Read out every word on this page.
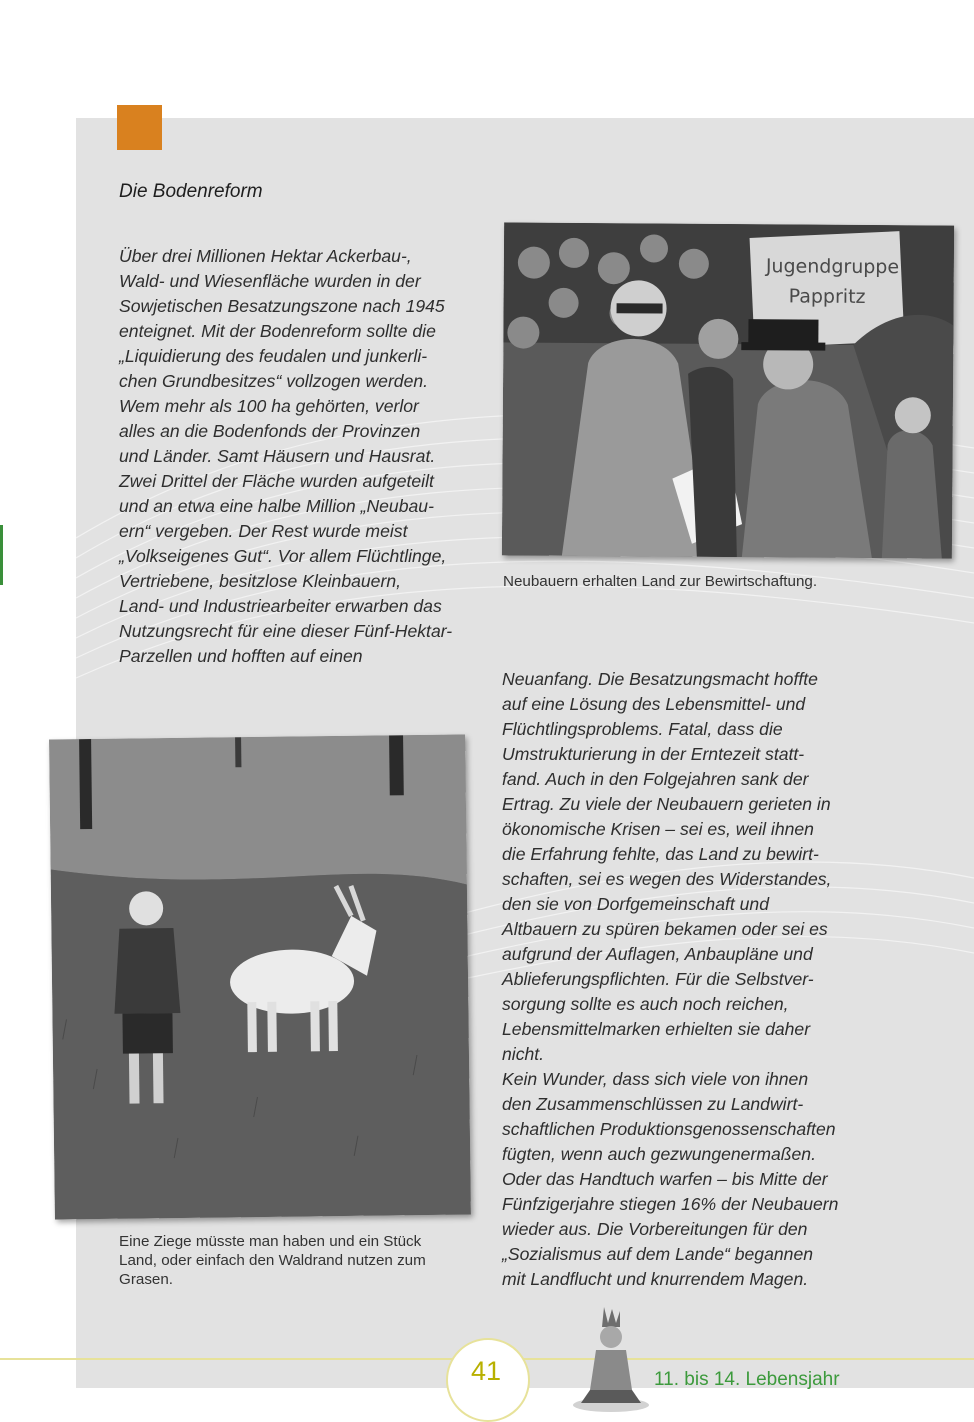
Die Bodenreform
Über drei Millionen Hektar Ackerbau-,
Wald- und Wiesenfläche wurden in der
Sowjetischen Besatzungszone nach 1945
enteignet. Mit der Bodenreform sollte die
„Liquidierung des feudalen und junkerli-
chen Grundbesitzes“ vollzogen werden.
Wem mehr als 100 ha gehörten, verlor
alles an die Bodenfonds der Provinzen
und Länder. Samt Häusern und Hausrat.
Zwei Drittel der Fläche wurden aufgeteilt
und an etwa eine halbe Million „Neubau-
ern“ vergeben. Der Rest wurde meist
„Volkseigenes Gut“. Vor allem Flüchtlinge,
Vertriebene, besitzlose Kleinbauern,
Land- und Industriearbeiter erwarben das
Nutzungsrecht für eine dieser Fünf-Hektar-
Parzellen und hofften auf einen
Jugendgruppe
Pappritz
Neubauern erhalten Land zur Bewirtschaftung.
Eine Ziege müsste man haben und ein Stück
Land, oder einfach den Waldrand nutzen zum
Grasen.
Neuanfang. Die Besatzungsmacht hoffte
auf eine Lösung des Lebensmittel- und
Flüchtlingsproblems. Fatal, dass die
Umstrukturierung in der Erntezeit statt-
fand. Auch in den Folgejahren sank der
Ertrag. Zu viele der Neubauern gerieten in
ökonomische Krisen – sei es, weil ihnen
die Erfahrung fehlte, das Land zu bewirt-
schaften, sei es wegen des Widerstandes,
den sie von Dorfgemeinschaft und
Altbauern zu spüren bekamen oder sei es
aufgrund der Auflagen, Anbaupläne und
Ablieferungspflichten. Für die Selbstver-
sorgung sollte es auch noch reichen,
Lebensmittelmarken erhielten sie daher
nicht.
Kein Wunder, dass sich viele von ihnen
den Zusammenschlüssen zu Landwirt-
schaftlichen Produktionsgenossenschaften
fügten, wenn auch gezwungenermaßen.
Oder das Handtuch warfen – bis Mitte der
Fünfzigerjahre stiegen 16% der Neubauern
wieder aus. Die Vorbereitungen für den
„Sozialismus auf dem Lande“ begannen
mit Landflucht und knurrendem Magen.
41	11. bis 14. Lebensjahr
